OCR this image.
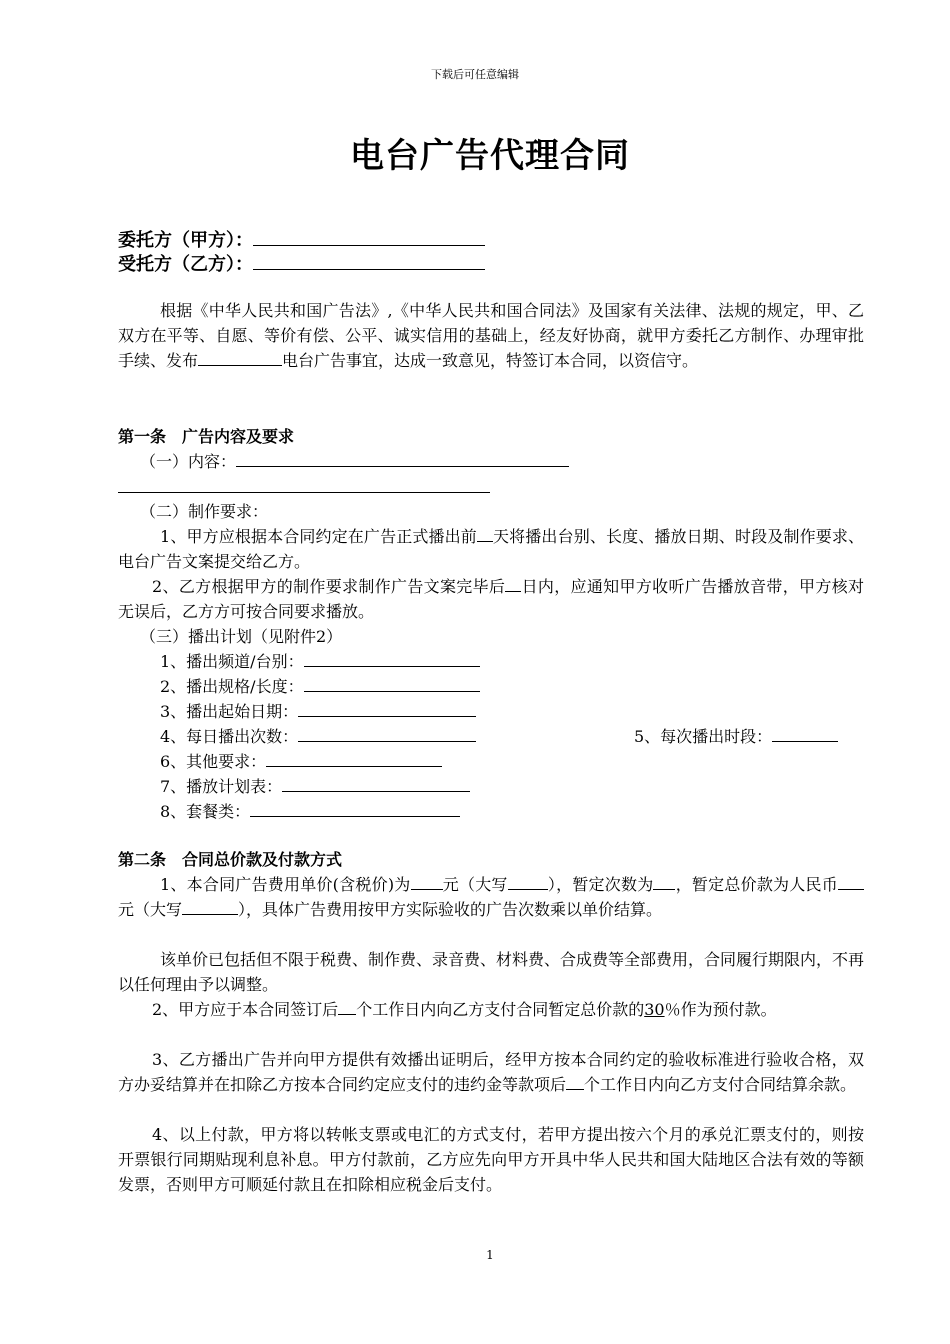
下载后可任意编辑
电台广告代理合同
委托方（甲方）：
受托方（乙方）：
根据《中华人民共和国广告法》,《中华人民共和国合同法》及国家有关法律、法规的规定，甲、乙双方在平等、自愿、等价有偿、公平、诚实信用的基础上，经友好协商，就甲方委托乙方制作、办理审批手续、发布	电台广告事宜，达成一致意见，特签订本合同，以资信守。
第一条　广告内容及要求
（一）内容：
（二）制作要求：
1、甲方应根据本合同约定在广告正式播出前 天将播出台别、长度、播放日期、时段及制作要求、电台广告文案提交给乙方。
2、乙方根据甲方的制作要求制作广告文案完毕后 日内，应通知甲方收听广告播放音带，甲方核对无误后，乙方方可按合同要求播放。
（三）播出计划（见附件2）
1、播出频道/台别：
2、播出规格/长度：
3、播出起始日期：
4、每日播出次数：	5、每次播出时段：
6、其他要求：
7、播放计划表：
8、套餐类：
第二条　合同总价款及付款方式
1、本合同广告费用单价(含税价)为 元（大写	），暂定次数为 ，暂定总价款为人民币元（大写	），具体广告费用按甲方实际验收的广告次数乘以单价结算。
该单价已包括但不限于税费、制作费、录音费、材料费、合成费等全部费用，合同履行期限内，不再以任何理由予以调整。
2、甲方应于本合同签订后 个工作日内向乙方支付合同暂定总价款的30％作为预付款。
3、乙方播出广告并向甲方提供有效播出证明后，经甲方按本合同约定的验收标准进行验收合格，双方办妥结算并在扣除乙方按本合同约定应支付的违约金等款项后 个工作日内向乙方支付合同结算余款。
4、以上付款，甲方将以转帐支票或电汇的方式支付，若甲方提出按六个月的承兑汇票支付的，则按开票银行同期贴现利息补息。甲方付款前，乙方应先向甲方开具中华人民共和国大陆地区合法有效的等额发票，否则甲方可顺延付款且在扣除相应税金后支付。
1
